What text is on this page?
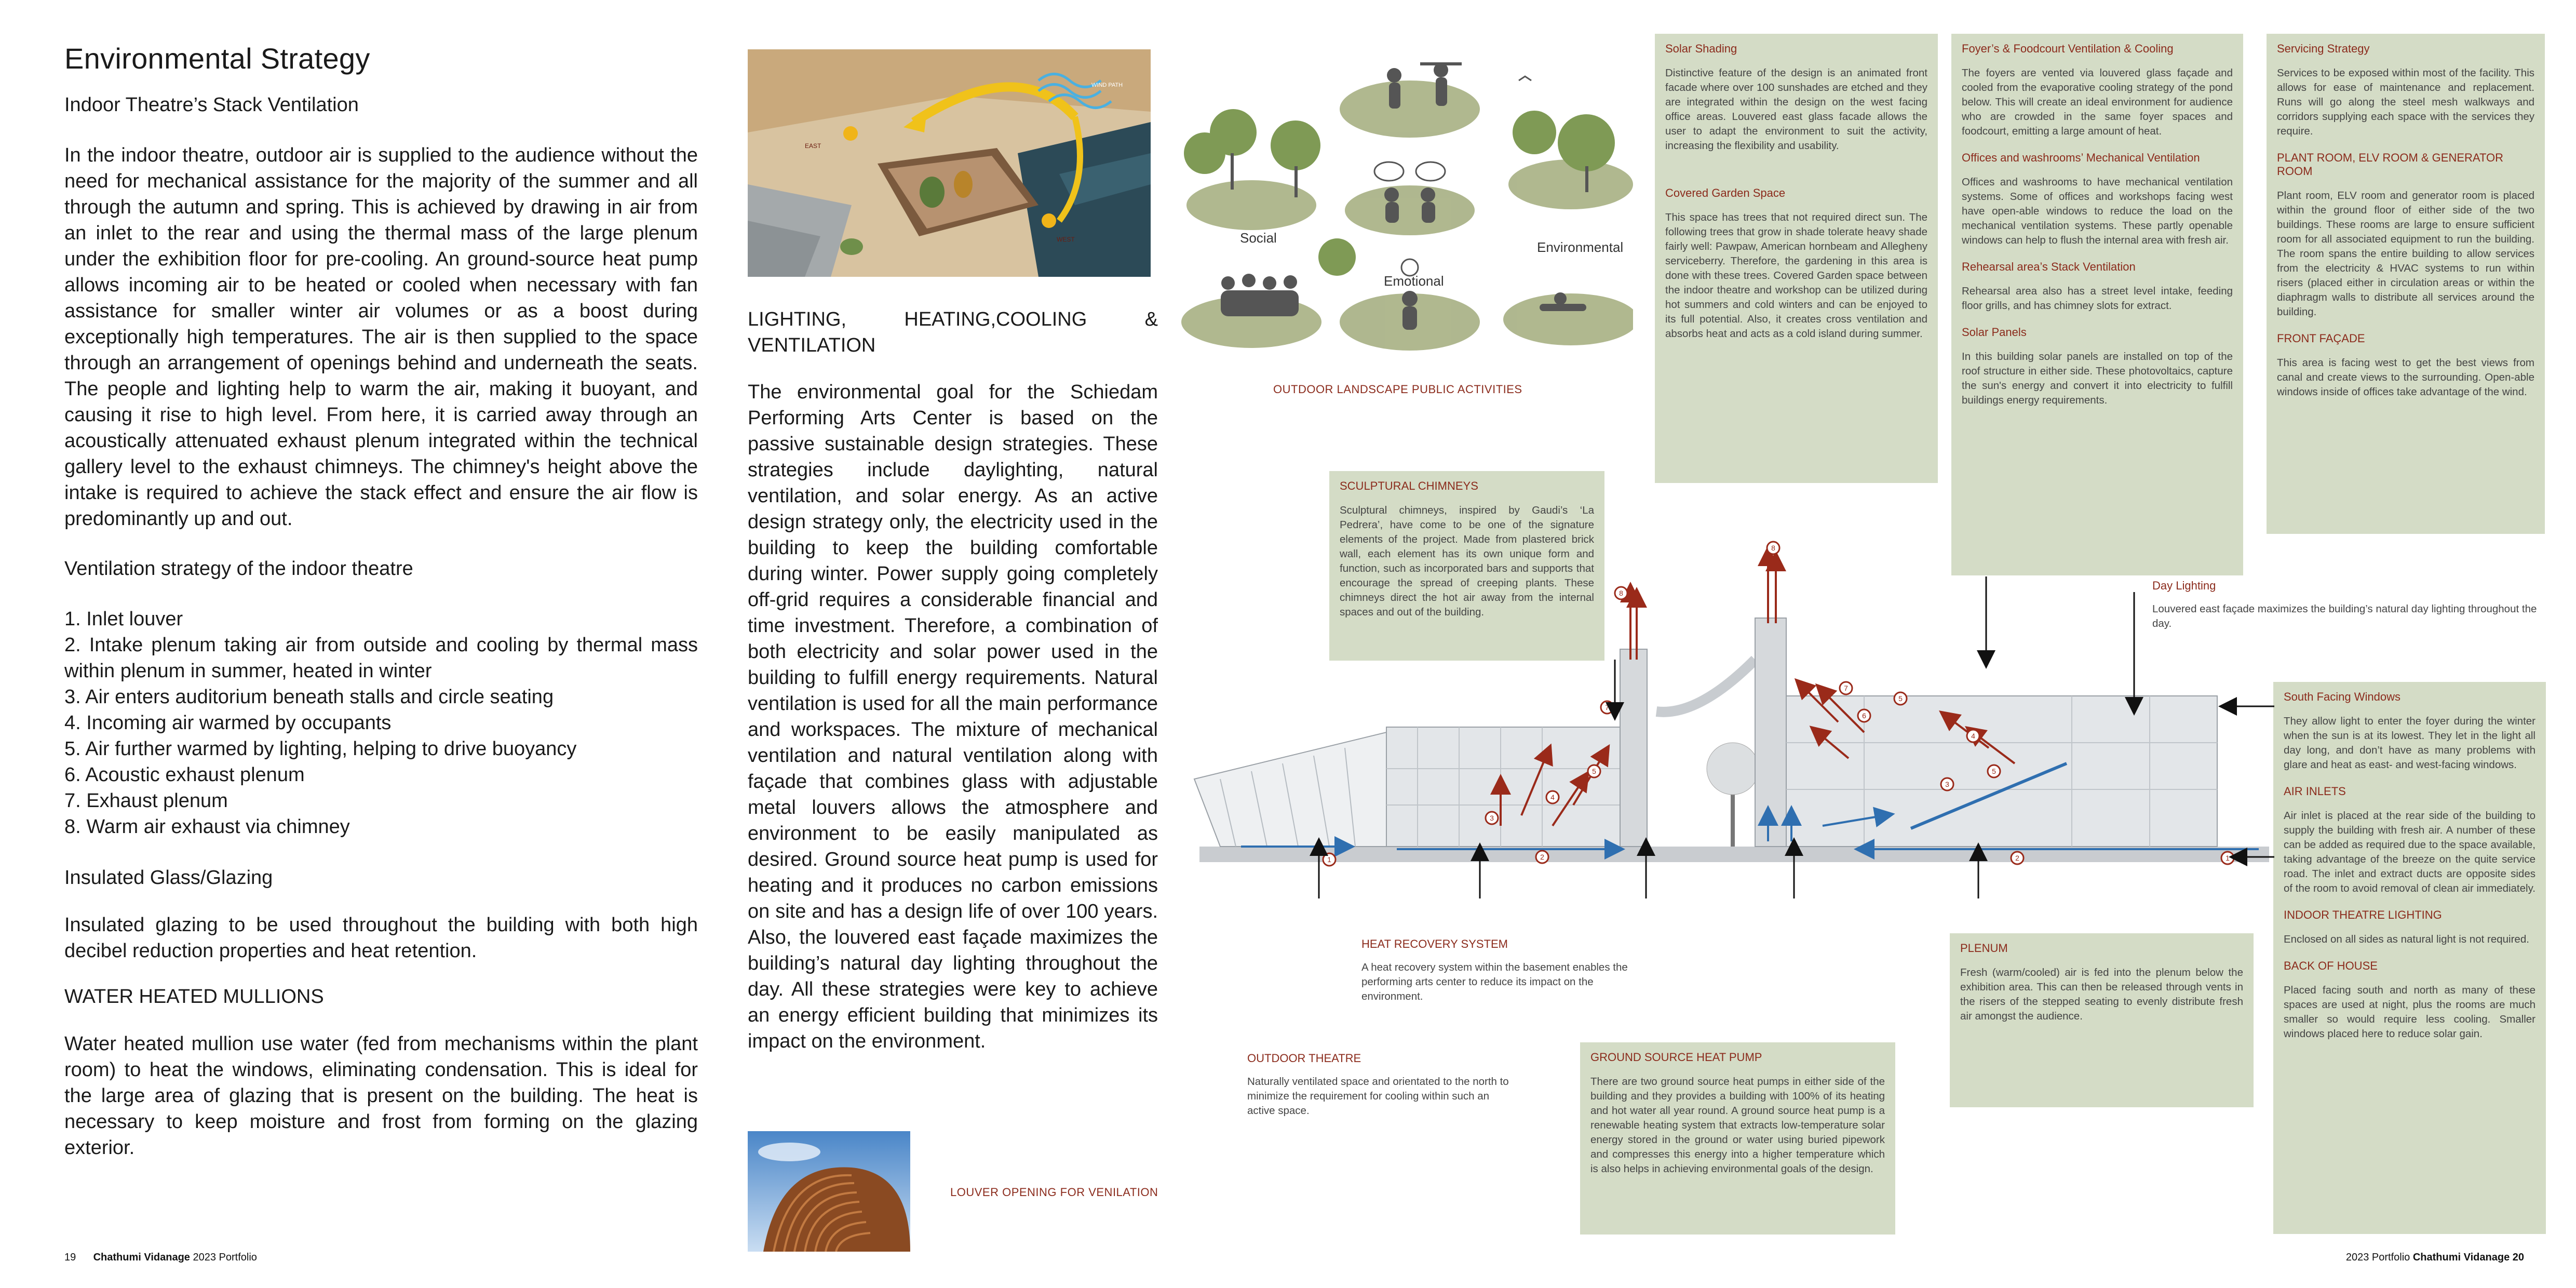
Environmental Strategy
Indoor Theatre’s Stack Ventilation

In the indoor theatre, outdoor air is supplied to the audience without the need for mechanical assistance for the majority of the summer and all through the autumn and spring. This is achieved by drawing in air from an inlet to the rear and using the thermal mass of the large plenum under the exhibition floor for pre-cooling. An ground-source heat pump allows incoming air to be heated or cooled when necessary with fan assistance for smaller winter air volumes or as a boost during exceptionally high temperatures. The air is then supplied to the space through an arrangement of openings behind and underneath the seats. The people and lighting help to warm the air, making it buoyant, and causing it rise to high level. From here, it is carried away through an acoustically attenuated exhaust plenum integrated within the technical gallery level to the exhaust chimneys. The chimney's height above the intake is required to achieve the stack effect and ensure the air flow is predominantly up and out.

Ventilation strategy of the indoor theatre
1. Inlet louver
2. Intake plenum taking air from outside and cooling by thermal mass within plenum in summer, heated in winter
3. Air enters auditorium beneath stalls and circle seating
4. Incoming air warmed by occupants
5. Air further warmed by lighting, helping to drive buoyancy
6. Acoustic exhaust plenum
7. Exhaust plenum
8. Warm air exhaust via chimney
Insulated Glass/Glazing

Insulated glazing to be used throughout the building with both high decibel reduction properties and heat retention.

WATER HEATED MULLIONS

Water heated mullion use water (fed from mechanisms within the plant room) to heat the windows, eliminating condensation. This is ideal for the large area of glazing that is present on the building. The heat is necessary to keep moisture and frost from forming on the glazing exterior.

EAST
WIND PATH
WEST
LIGHTING, HEATING,COOLING & VENTILATION

The environmental goal for the Schiedam Performing Arts Center is based on the passive sustainable design strategies. These strategies include daylighting, natural ventilation, and solar energy. As an active design strategy only, the electricity used in the building to keep the building comfortable during winter. Power supply going completely off-grid requires a considerable financial and time investment. Therefore, a combination of both electricity and solar power used in the building to fulfill energy requirements. Natural ventilation is used for all the main performance and workspaces. The mixture of mechanical ventilation and natural ventilation along with façade that combines glass with adjustable metal louvers allows the atmosphere and environment to be easily manipulated as desired. Ground source heat pump is used for heating and it produces no carbon emissions on site and has a design life of over 100 years. Also, the louvered east façade maximizes the building’s natural day lighting throughout the day. All these strategies were key to achieve an energy efficient building that minimizes its impact on the environment.

LOUVER OPENING FOR VENILATION
Social
Emotional
Environmental
OUTDOOR LANDSCAPE PUBLIC ACTIVITIES
Solar Shading

Distinctive feature of the design is an animated front facade where over 100 sunshades are etched and they are integrated within the design on the west facing office areas. Louvered east glass facade allows the user to adapt the environment to suit the activity, increasing the flexibility and usability.

Covered Garden Space

This space has trees that not required direct sun. The following trees that grow in shade tolerate heavy shade fairly well: Pawpaw, American hornbeam and Allegheny serviceberry. Therefore, the gardening in this area is done with these trees. Covered Garden space between the indoor theatre and workshop can be utilized during hot summers and cold winters and can be enjoyed to its full potential. Also, it creates cross ventilation and absorbs heat and acts as a cold island during summer.

Foyer’s & Foodcourt Ventilation & Cooling

The foyers are vented via louvered glass façade and cooled from the evaporative cooling strategy of the pond below. This will create an ideal environment for audience who are crowded in the same foyer spaces and foodcourt, emitting a large amount of heat.

Offices and washrooms’ Mechanical Ventilation

Offices and washrooms to have mechanical ventilation systems. Some of offices and workshops facing west have open-able windows to reduce the load on the mechanical ventilation systems. These partly openable windows can help to flush the internal area with fresh air.

Rehearsal area’s Stack Ventilation

Rehearsal area also has a street level intake, feeding floor grills, and has chimney slots for extract.

Solar Panels

In this building solar panels are installed on top of the roof structure in either side. These photovoltaics, capture the sun's energy and convert it into electricity to fulfill buildings energy requirements.

Servicing Strategy

Services to be exposed within most of the facility. This allows for ease of maintenance and replacement. Runs will go along the steel mesh walkways and corridors supplying each space with the services they require.

PLANT ROOM, ELV ROOM & GENERATOR ROOM

Plant room, ELV room and generator room is placed within the ground floor of either side of the two buildings. These rooms are large to ensure sufficient room for all associated equipment to run the building. The room spans the entire building to allow services from the electricity & HVAC systems to run within risers (placed either in circulation areas or within the diaphragm walls to distribute all services around the building.

FRONT FAÇADE

This area is facing west to get the best views from canal and create views to the surrounding. Open-able windows inside of offices take advantage of the wind.

SCULPTURAL CHIMNEYS

Sculptural chimneys, inspired by Gaudi’s ‘La Pedrera’, have come to be one of the signature elements of the project. Made from plastered brick wall, each element has its own unique form and function, such as incorporated bars and supports that encourage the spread of creeping plants. These chimneys direct the hot air away from the internal spaces and out of the building.

Day Lighting

Louvered east façade maximizes the building’s natural day lighting throughout the day.

South Facing Windows

They allow light to enter the foyer during the winter when the sun is at its lowest. They let in the light all day long, and don’t have as many problems with glare and heat as east- and west-facing windows.

AIR INLETS

Air inlet is placed at the rear side of the building to supply the building with fresh air. A number of these can be added as required due to the space available, taking advantage of the breeze on the quite service road. The inlet and extract ducts are opposite sides of the room to avoid removal of clean air immediately.

INDOOR THEATRE LIGHTING

Enclosed on all sides as natural light is not required.

BACK OF HOUSE

Placed facing south and north as many of these spaces are used at night, plus the rooms are much smaller so would require less cooling. Smaller windows placed here to reduce solar gain.

1	2	2	1
3
4
3
4
5
5
6
5
7
7
8
8
HEAT RECOVERY SYSTEM

A heat recovery system within the basement enables the performing arts center to reduce its impact on the environment.

OUTDOOR THEATRE

Naturally ventilated space and orientated to the north to minimize the requirement for cooling within such an active space.

GROUND SOURCE HEAT PUMP

There are two ground source heat pumps in either side of the building and they provides a building with 100% of its heating and hot water all year round. A ground source heat pump is a renewable heating system that extracts low-temperature solar energy stored in the ground or water using buried pipework and compresses this energy into a higher temperature which is also helps in achieving environmental goals of the design.

PLENUM

Fresh (warm/cooled) air is fed into the plenum below the exhibition area. This can then be released through vents in the risers of the stepped seating to evenly distribute fresh air amongst the audience.

19 Chathumi Vidanage 2023 Portfolio	2023 Portfolio Chathumi Vidanage 20
